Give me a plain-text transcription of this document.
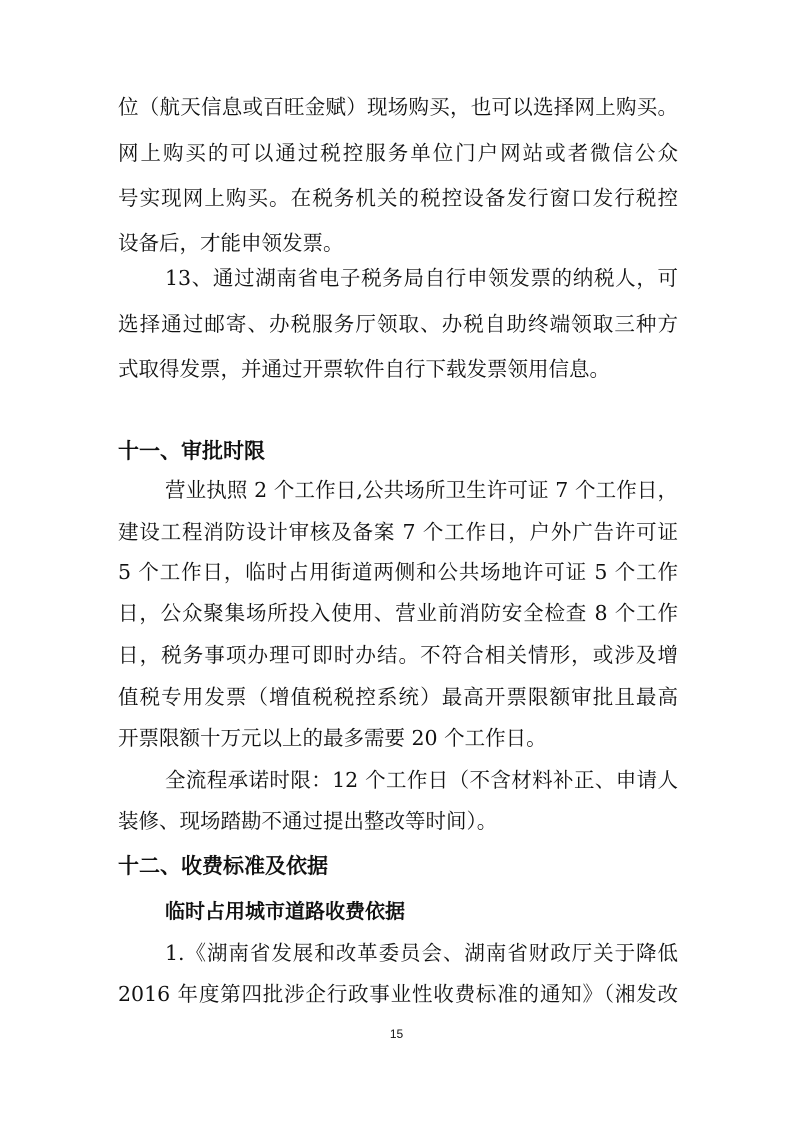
位（航天信息或百旺金赋）现场购买，也可以选择网上购买。
网上购买的可以通过税控服务单位门户网站或者微信公众
号实现网上购买。在税务机关的税控设备发行窗口发行税控
设备后，才能申领发票。
13、通过湖南省电子税务局自行申领发票的纳税人，可
选择通过邮寄、办税服务厅领取、办税自助终端领取三种方
式取得发票，并通过开票软件自行下载发票领用信息。
十一、审批时限
营业执照 2 个工作日,公共场所卫生许可证 7 个工作日，
建设工程消防设计审核及备案 7 个工作日，户外广告许可证
5 个工作日，临时占用街道两侧和公共场地许可证 5 个工作
日，公众聚集场所投入使用、营业前消防安全检查 8 个工作
日，税务事项办理可即时办结。不符合相关情形，或涉及增
值税专用发票（增值税税控系统）最高开票限额审批且最高
开票限额十万元以上的最多需要 20 个工作日。
全流程承诺时限：12 个工作日（不含材料补正、申请人
装修、现场踏勘不通过提出整改等时间）。
十二、收费标准及依据
临时占用城市道路收费依据
1.《湖南省发展和改革委员会、湖南省财政厅关于降低
2016 年度第四批涉企行政事业性收费标准的通知》（湘发改
15
